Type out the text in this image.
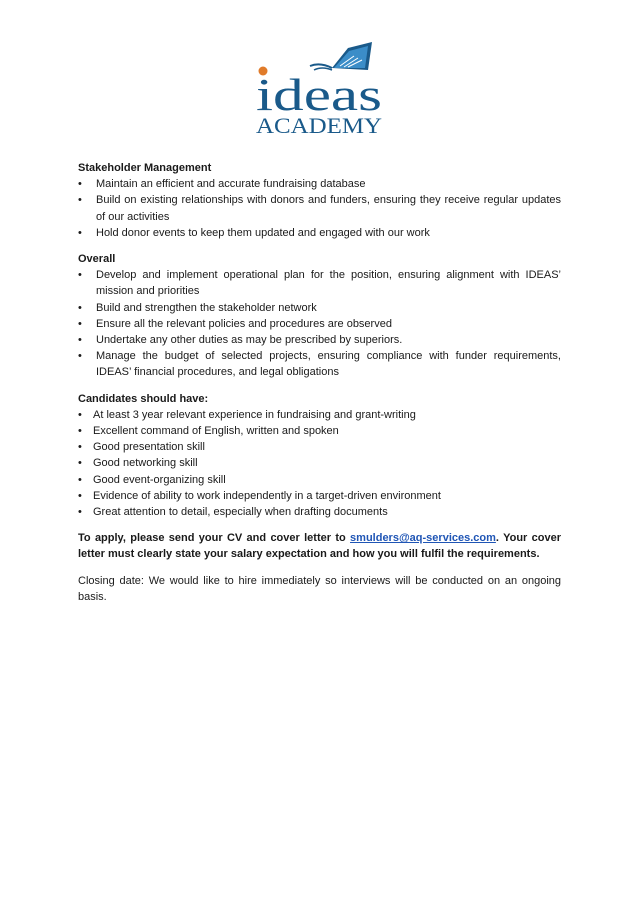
ideas
ACADEMY
Stakeholder Management
• Maintain an efficient and accurate fundraising database
• Build on existing relationships with donors and funders, ensuring they receive regular updates of our activities
• Hold donor events to keep them updated and engaged with our work
Overall
• Develop and implement operational plan for the position, ensuring alignment with IDEAS’ mission and priorities
• Build and strengthen the stakeholder network
• Ensure all the relevant policies and procedures are observed
• Undertake any other duties as may be prescribed by superiors.
• Manage the budget of selected projects, ensuring compliance with funder requirements, IDEAS’ financial procedures, and legal obligations
Candidates should have:
• At least 3 year relevant experience in fundraising and grant-writing
• Excellent command of English, written and spoken
• Good presentation skill
• Good networking skill
• Good event-organizing skill
• Evidence of ability to work independently in a target-driven environment
• Great attention to detail, especially when drafting documents
To apply, please send your CV and cover letter to smulders@aq-services.com. Your cover letter must clearly state your salary expectation and how you will fulfil the requirements.
Closing date: We would like to hire immediately so interviews will be conducted on an ongoing basis.
